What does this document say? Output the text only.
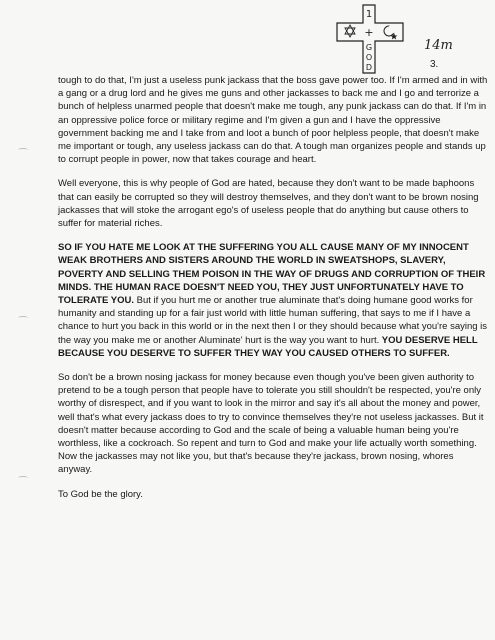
1
+
G
O
D
14m
3.

tough to do that, I'm just a useless punk jackass that the boss gave power too. If I'm armed and in with a gang or a drug lord and he gives me guns and other jackasses to back me and I go and terrorize a bunch of helpless unarmed people that doesn't make me tough, any punk jackass can do that. If I'm in an oppressive police force or military regime and I'm given a gun and I have the oppressive government backing me and I take from and loot a bunch of poor helpless people, that doesn't make me important or tough, any useless jackass can do that. A tough man organizes people and stands up to corrupt people in power, now that takes courage and heart.

Well everyone, this is why people of God are hated, because they don't want to be made baphoons that can easily be corrupted so they will destroy themselves, and they don't want to be brown nosing jackasses that will stoke the arrogant ego's of useless people that do anything but cause others to suffer for material riches.

SO IF YOU HATE ME LOOK AT THE SUFFERING YOU ALL CAUSE MANY OF MY INNOCENT WEAK BROTHERS AND SISTERS AROUND THE WORLD IN SWEATSHOPS, SLAVERY, POVERTY AND SELLING THEM POISON IN THE WAY OF DRUGS AND CORRUPTION OF THEIR MINDS. THE HUMAN RACE DOESN'T NEED YOU, THEY JUST UNFORTUNATELY HAVE TO TOLERATE YOU. But if you hurt me or another true aluminate that's doing humane good works for humanity and standing up for a fair just world with little human suffering, that says to me if I have a chance to hurt you back in this world or in the next then I or they should because what you're saying is the way you make me or another Aluminate' hurt is the way you want to hurt. YOU DESERVE HELL BECAUSE YOU DESERVE TO SUFFER THEY WAY YOU CAUSED OTHERS TO SUFFER.

So don't be a brown nosing jackass for money because even though you've been given authority to pretend to be a tough person that people have to tolerate you still shouldn't be respected, you're only worthy of disrespect, and if you want to look in the mirror and say it's all about the money and power, well that's what every jackass does to try to convince themselves they're not useless jackasses. But it doesn't matter because according to God and the scale of being a valuable human being you're worthless, like a cockroach. So repent and turn to God and make your life actually worth something. Now the jackasses may not like you, but that's because they're jackass, brown nosing, whores anyway.

To God be the glory.
